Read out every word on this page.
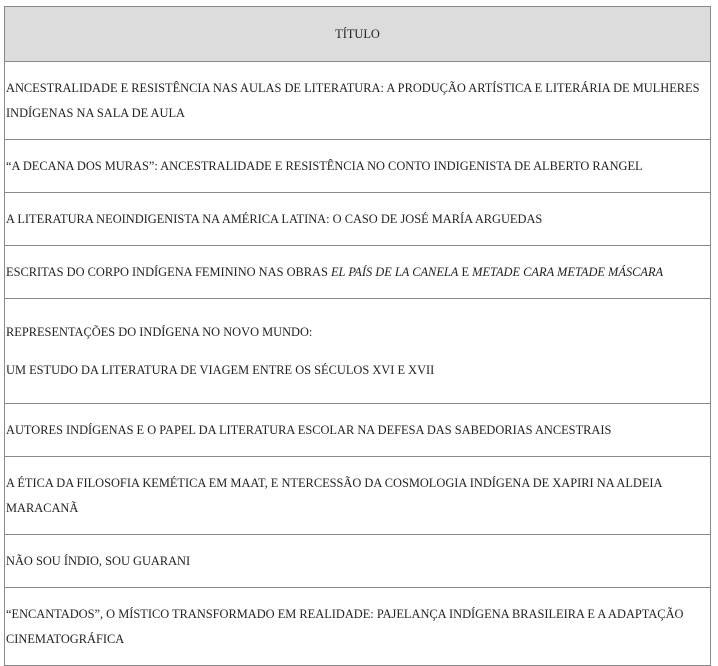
TÍTULO
ANCESTRALIDADE E RESISTÊNCIA NAS AULAS DE LITERATURA: A PRODUÇÃO ARTÍSTICA E LITERÁRIA DE MULHERES INDÍGENAS NA SALA DE AULA
“A DECANA DOS MURAS”: ANCESTRALIDADE E RESISTÊNCIA NO CONTO INDIGENISTA DE ALBERTO RANGEL
A LITERATURA NEOINDIGENISTA NA AMÉRICA LATINA: O CASO DE JOSÉ MARÍA ARGUEDAS
ESCRITAS DO CORPO INDÍGENA FEMININO NAS OBRAS EL PAÍS DE LA CANELA E METADE CARA METADE MÁSCARA

REPRESENTAÇÕES DO INDÍGENA NO NOVO MUNDO:
UM ESTUDO DA LITERATURA DE VIAGEM ENTRE OS SÉCULOS XVI E XVII

AUTORES INDÍGENAS E O PAPEL DA LITERATURA ESCOLAR NA DEFESA DAS SABEDORIAS ANCESTRAIS
A ÉTICA DA FILOSOFIA KEMÉTICA EM MAAT, E NTERCESSÃO DA COSMOLOGIA INDÍGENA DE XAPIRI NA ALDEIA MARACANÃ
NÃO SOU ÍNDIO, SOU GUARANI
“ENCANTADOS”, O MÍSTICO TRANSFORMADO EM REALIDADE: PAJELANÇA INDÍGENA BRASILEIRA E A ADAPTAÇÃO CINEMATOGRÁFICA
